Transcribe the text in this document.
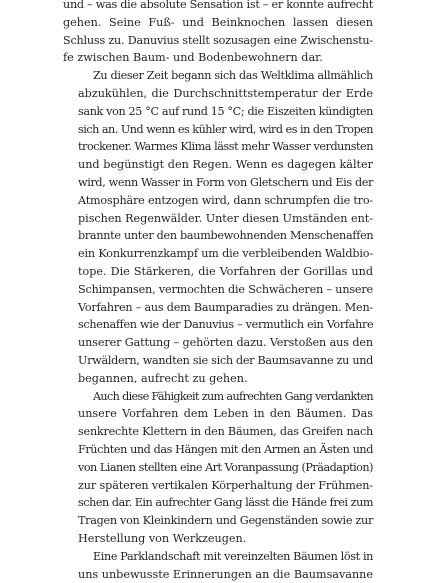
und – was die absolute Sensation ist – er konnte aufrecht
gehen. Seine Fuß- und Beinknochen lassen diesen
Schluss zu. Danuvius stellt sozusagen eine Zwischenstu-
fe zwischen Baum- und Bodenbewohnern dar.
Zu dieser Zeit begann sich das Weltklima allmählich
abzukühlen, die Durchschnittstemperatur der Erde
sank von 25 °C auf rund 15 °C; die Eiszeiten kündigten
sich an. Und wenn es kühler wird, wird es in den Tropen
trockener. Warmes Klima lässt mehr Wasser verdunsten
und begünstigt den Regen. Wenn es dagegen kälter
wird, wenn Wasser in Form von Gletschern und Eis der
Atmosphäre entzogen wird, dann schrumpfen die tro-
pischen Regenwälder. Unter diesen Umständen ent-
brannte unter den baumbewohnenden Menschenaffen
ein Konkurrenzkampf um die verbleibenden Waldbio-
tope. Die Stärkeren, die Vorfahren der Gorillas und
Schimpansen, vermochten die Schwächeren – unsere
Vorfahren – aus dem Baumparadies zu drängen. Men-
schenaffen wie der Danuvius – vermutlich ein Vorfahre
unserer Gattung – gehörten dazu. Verstoßen aus den
Urwäldern, wandten sie sich der Baumsavanne zu und
begannen, aufrecht zu gehen.
Auch diese Fähigkeit zum aufrechten Gang verdankten
unsere Vorfahren dem Leben in den Bäumen. Das
senkrechte Klettern in den Bäumen, das Greifen nach
Früchten und das Hängen mit den Armen an Ästen und
von Lianen stellten eine Art Voranpassung (Präadaption)
zur späteren vertikalen Körperhaltung der Frühmen-
schen dar. Ein aufrechter Gang lässt die Hände frei zum
Tragen von Kleinkindern und Gegenständen sowie zur
Herstellung von Werkzeugen.
Eine Parklandschaft mit vereinzelten Bäumen löst in
uns unbewusste Erinnerungen an die Baumsavanne
